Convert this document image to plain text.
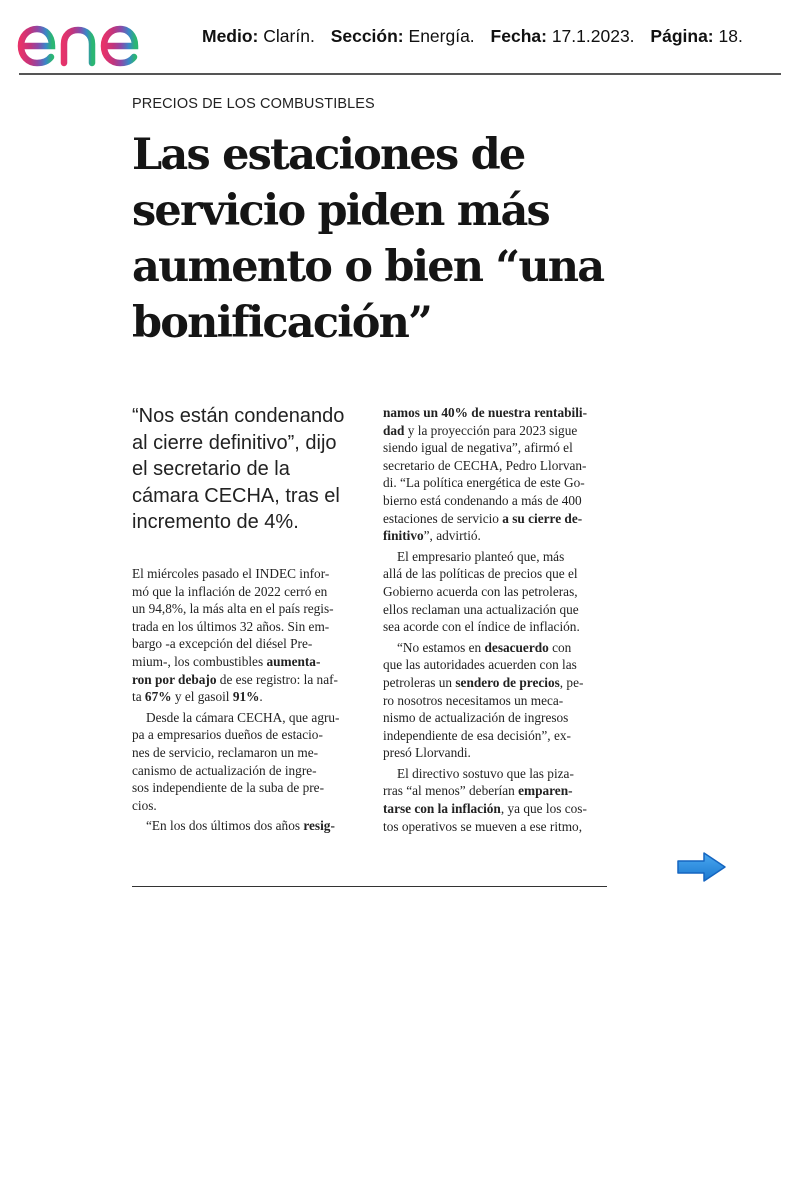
Medio: Clarín. Sección: Energía. Fecha: 17.1.2023. Página: 18.
PRECIOS DE LOS COMBUSTIBLES
Las estaciones de
servicio piden más
aumento o bien “una
bonificación”
“Nos están condenando
al cierre definitivo”, dijo
el secretario de la
cámara CECHA, tras el
incremento de 4%.
El miércoles pasado el INDEC infor-
mó que la inflación de 2022 cerró en
un 94,8%, la más alta en el país regis-
trada en los últimos 32 años. Sin em-
bargo -a excepción del diésel Pre-
mium-, los combustibles aumenta-
ron por debajo de ese registro: la naf-
ta 67% y el gasoil 91%.
Desde la cámara CECHA, que agru-
pa a empresarios dueños de estacio-
nes de servicio, reclamaron un me-
canismo de actualización de ingre-
sos independiente de la suba de pre-
cios.
“En los dos últimos dos años resig-
namos un 40% de nuestra rentabili-
dad y la proyección para 2023 sigue
siendo igual de negativa”, afirmó el
secretario de CECHA, Pedro Llorvan-
di. “La política energética de este Go-
bierno está condenando a más de 400
estaciones de servicio a su cierre de-
finitivo”, advirtió.
El empresario planteó que, más
allá de las políticas de precios que el
Gobierno acuerda con las petroleras,
ellos reclaman una actualización que
sea acorde con el índice de inflación.
“No estamos en desacuerdo con
que las autoridades acuerden con las
petroleras un sendero de precios, pe-
ro nosotros necesitamos un meca-
nismo de actualización de ingresos
independiente de esa decisión”, ex-
presó Llorvandi.
El directivo sostuvo que las piza-
rras “al menos” deberían emparen-
tarse con la inflación, ya que los cos-
tos operativos se mueven a ese ritmo,
